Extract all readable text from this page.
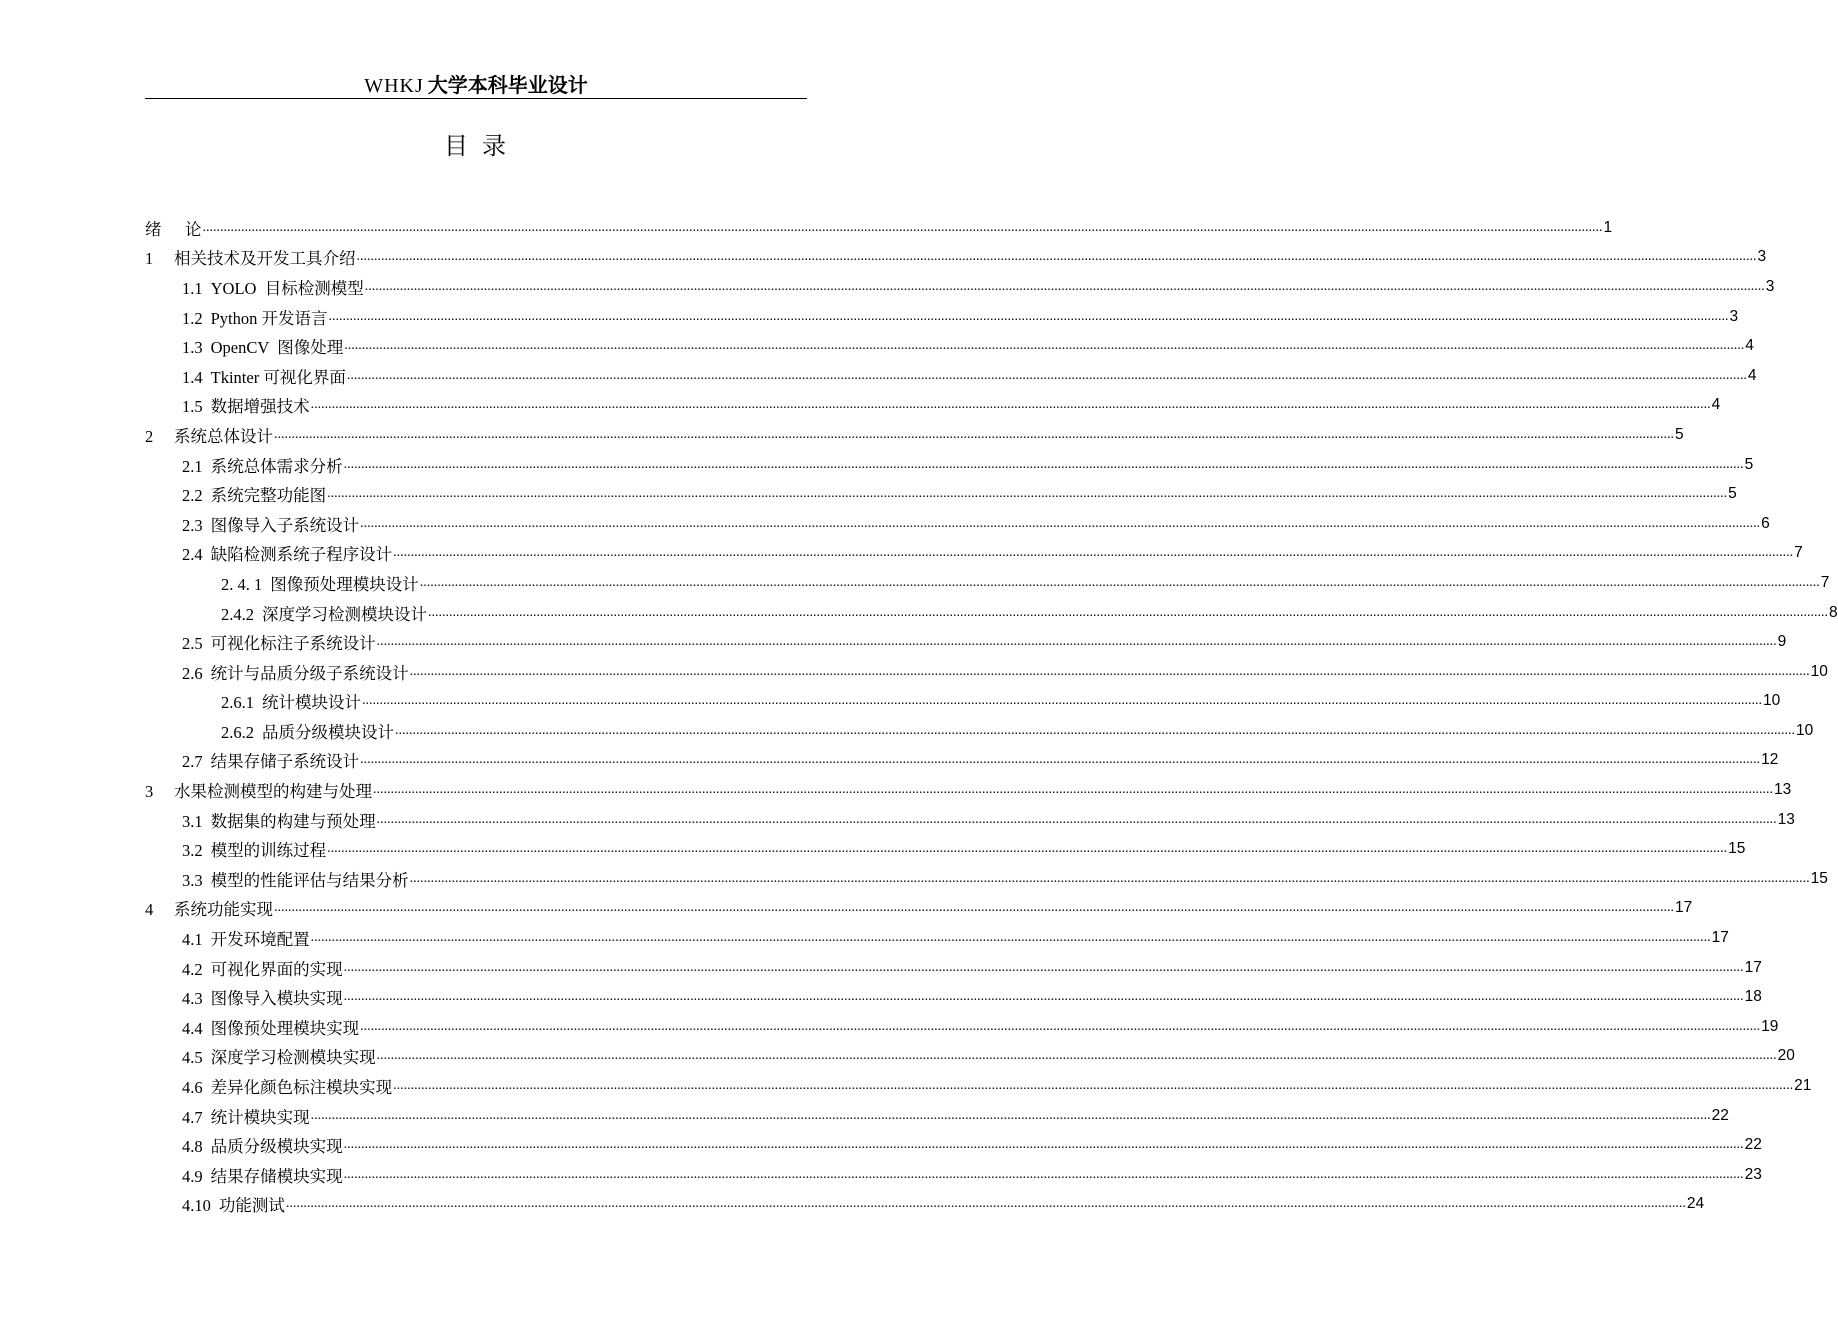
WHKJ 大学本科毕业设计
目录
绪 论 ................................................................................................................................................................................................................................................................................................................................................................................................................ 1
1 相关技术及开发工具介绍 ................................................................................................................................................................................................................................................................................................................................................................................................................ 3
1.1 YOLO  目标检测模型 ................................................................................................................................................................................................................................................................................................................................................................................................................ 3
1.2 Python 开发语言 ................................................................................................................................................................................................................................................................................................................................................................................................................ 3
1.3 OpenCV  图像处理 ................................................................................................................................................................................................................................................................................................................................................................................................................ 4
1.4 Tkinter 可视化界面 ................................................................................................................................................................................................................................................................................................................................................................................................................ 4
1.5 数据增强技术 ................................................................................................................................................................................................................................................................................................................................................................................................................ 4
2 系统总体设计 ................................................................................................................................................................................................................................................................................................................................................................................................................ 5
2.1 系统总体需求分析 ................................................................................................................................................................................................................................................................................................................................................................................................................ 5
2.2 系统完整功能图 ................................................................................................................................................................................................................................................................................................................................................................................................................ 5
2.3 图像导入子系统设计 ................................................................................................................................................................................................................................................................................................................................................................................................................ 6
2.4 缺陷检测系统子程序设计 ................................................................................................................................................................................................................................................................................................................................................................................................................ 7
2. 4. 1 图像预处理模块设计 ................................................................................................................................................................................................................................................................................................................................................................................................................ 7
2.4.2 深度学习检测模块设计 ................................................................................................................................................................................................................................................................................................................................................................................................................ 8
2.5 可视化标注子系统设计 ................................................................................................................................................................................................................................................................................................................................................................................................................ 9
2.6 统计与品质分级子系统设计 ................................................................................................................................................................................................................................................................................................................................................................................................................ 10
2.6.1 统计模块设计 ................................................................................................................................................................................................................................................................................................................................................................................................................ 10
2.6.2 品质分级模块设计 ................................................................................................................................................................................................................................................................................................................................................................................................................ 10
2.7 结果存储子系统设计 ................................................................................................................................................................................................................................................................................................................................................................................................................ 12
3 水果检测模型的构建与处理 ................................................................................................................................................................................................................................................................................................................................................................................................................ 13
3.1 数据集的构建与预处理 ................................................................................................................................................................................................................................................................................................................................................................................................................ 13
3.2 模型的训练过程 ................................................................................................................................................................................................................................................................................................................................................................................................................ 15
3.3 模型的性能评估与结果分析 ................................................................................................................................................................................................................................................................................................................................................................................................................ 15
4 系统功能实现 ................................................................................................................................................................................................................................................................................................................................................................................................................ 17
4.1 开发环境配置 ................................................................................................................................................................................................................................................................................................................................................................................................................ 17
4.2 可视化界面的实现 ................................................................................................................................................................................................................................................................................................................................................................................................................ 17
4.3 图像导入模块实现 ................................................................................................................................................................................................................................................................................................................................................................................................................ 18
4.4 图像预处理模块实现 ................................................................................................................................................................................................................................................................................................................................................................................................................ 19
4.5 深度学习检测模块实现 ................................................................................................................................................................................................................................................................................................................................................................................................................ 20
4.6 差异化颜色标注模块实现 ................................................................................................................................................................................................................................................................................................................................................................................................................ 21
4.7 统计模块实现 ................................................................................................................................................................................................................................................................................................................................................................................................................ 22
4.8 品质分级模块实现 ................................................................................................................................................................................................................................................................................................................................................................................................................ 22
4.9 结果存储模块实现 ................................................................................................................................................................................................................................................................................................................................................................................................................ 23
4.10 功能测试 ................................................................................................................................................................................................................................................................................................................................................................................................................ 24
